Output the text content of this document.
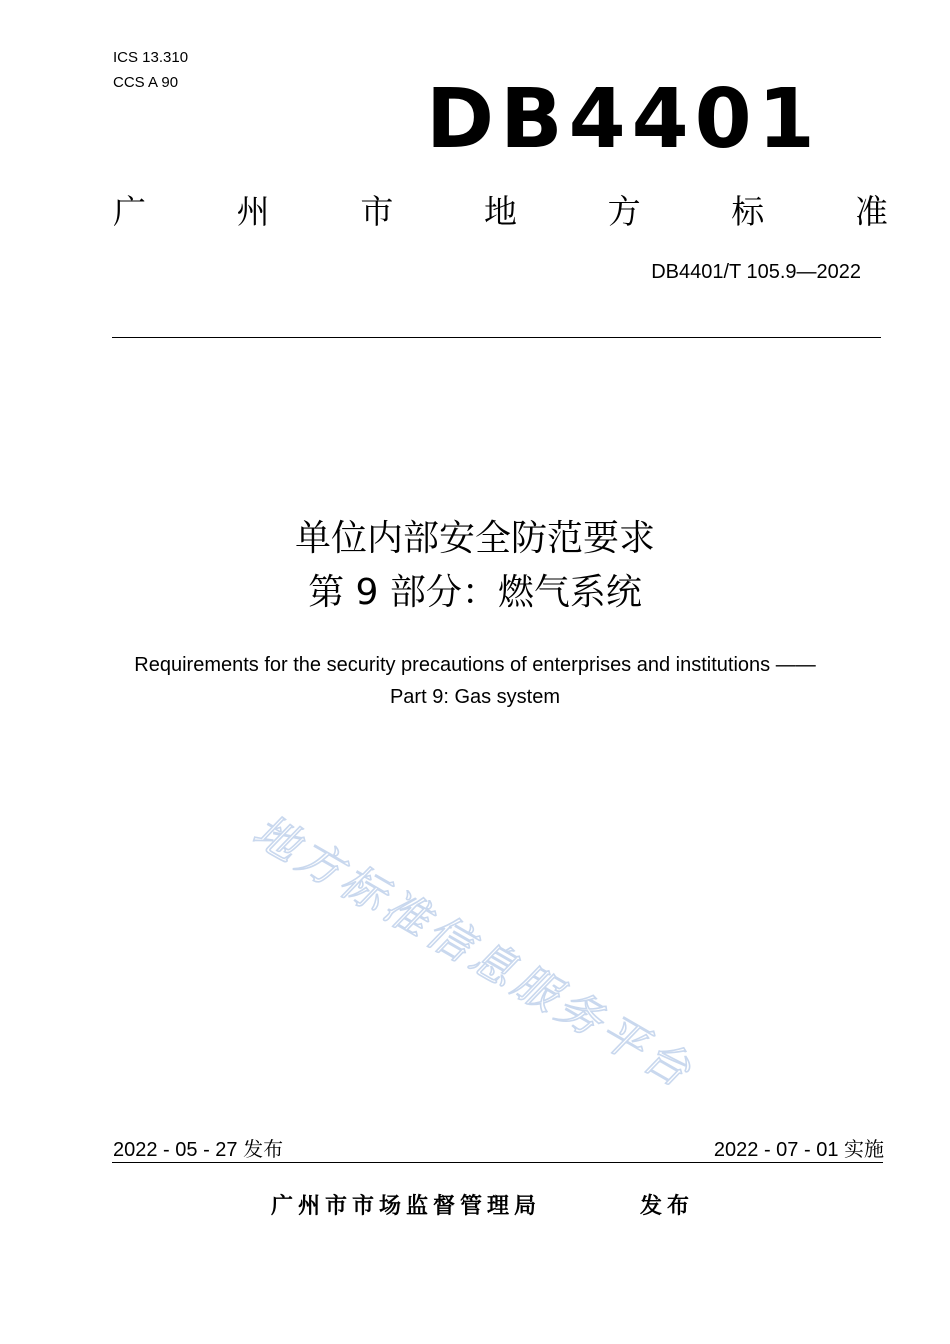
ICS 13.310
CCS A 90	DB4401
广	州	市	地	方	标	准
DB4401/T 105.9—2022
单位内部安全防范要求
第 9 部分：燃气系统
Requirements for the security precautions of enterprises and institutions ——
Part 9: Gas system
地方标准信息服务平台
2022 - 05 - 27 发布	2022 - 07 - 01 实施
广州市市场监督管理局	发布
